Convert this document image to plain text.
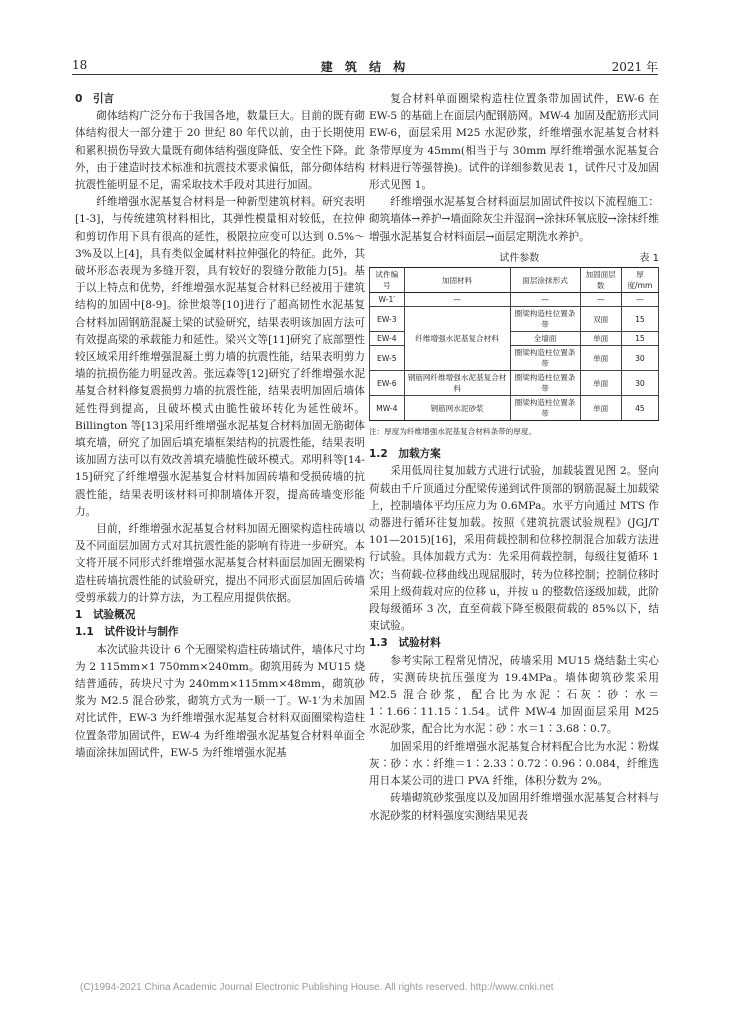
18	建 筑 结 构	2021 年
0　引言

砌体结构广泛分布于我国各地，数量巨大。目前的既有砌体结构很大一部分建于 20 世纪 80 年代以前，由于长期使用和累积损伤导致大量既有砌体结构强度降低、安全性下降。此外，由于建造时技术标准和抗震技术要求偏低，部分砌体结构抗震性能明显不足，需采取技术手段对其进行加固。

纤维增强水泥基复合材料是一种新型建筑材料。研究表明[1-3]，与传统建筑材料相比，其弹性模量相对较低，在拉伸和剪切作用下具有很高的延性，极限拉应变可以达到 0.5%～3%及以上[4]，具有类似金属材料拉伸强化的特征。此外，其破坏形态表现为多缝开裂，具有较好的裂缝分散能力[5]。基于以上特点和优势，纤维增强水泥基复合材料已经被用于建筑结构的加固中[8-9]。徐世烺等[10]进行了超高韧性水泥基复合材料加固钢筋混凝土梁的试验研究，结果表明该加固方法可有效提高梁的承载能力和延性。梁兴文等[11]研究了底部塑性较区域采用纤维增强混凝土剪力墙的抗震性能，结果表明剪力墙的抗损伤能力明显改善。张远森等[12]研究了纤维增强水泥基复合材料修复震损剪力墙的抗震性能，结果表明加固后墙体延性得到提高，且破坏模式由脆性破坏转化为延性破坏。Billington 等[13]采用纤维增强水泥基复合材料加固无筋砌体填充墙，研究了加固后填充墙框架结构的抗震性能，结果表明该加固方法可以有效改善填充墙脆性破坏模式。邓明科等[14-15]研究了纤维增强水泥基复合材料加固砖墙和受损砖墙的抗震性能，结果表明该材料可抑制墙体开裂，提高砖墙变形能力。

目前，纤维增强水泥基复合材料加固无圈梁构造柱砖墙以及不同面层加固方式对其抗震性能的影响有待进一步研究。本文将开展不同形式纤维增强水泥基复合材料面层加固无圈梁构造柱砖墙抗震性能的试验研究，提出不同形式面层加固后砖墙受剪承载力的计算方法，为工程应用提供依据。

1　试验概况
1.1　试件设计与制作

本次试验共设计 6 个无圈梁构造柱砖墙试件，墙体尺寸均为 2 115mm×1 750mm×240mm。砌筑用砖为 MU15 烧结普通砖，砖块尺寸为 240mm×115mm×48mm，砌筑砂浆为 M2.5 混合砂浆，砌筑方式为一顺一丁。W-1′为未加固对比试件，EW-3 为纤维增强水泥基复合材料双面圈梁构造柱位置条带加固试件，EW-4 为纤维增强水泥基复合材料单面全墙面涂抹加固试件，EW-5 为纤维增强水泥基

复合材料单面圈梁构造柱位置条带加固试件，EW-6 在 EW-5 的基础上在面层内配钢筋网。MW-4 加固及配筋形式同 EW-6，面层采用 M25 水泥砂浆，纤维增强水泥基复合材料条带厚度为 45mm(相当于与 30mm 厚纤维增强水泥基复合材料进行等强替换)。试件的详细参数见表 1，试件尺寸及加固形式见图 1。

纤维增强水泥基复合材料面层加固试件按以下流程施工：砌筑墙体→养护→墙面除灰尘并湿润→涂抹环氧底胶→涂抹纤维增强水泥基复合材料面层→面层定期洗水养护。

试件参数	表 1
试件编号	加固材料	面层涂抹形式	加固面层数	厚度/mm
W-1′	—	—	—	—
EW-3	纤维增强水泥基复合材料	圈梁构造柱位置条带	双面	15
EW-4		全墙面	单面	15
EW-5		圈梁构造柱位置条带	单面	30
EW-6	钢筋网纤维增强水泥基复合材料	圈梁构造柱位置条带	单面	30
MW-4	钢筋网水泥砂浆	圈梁构造柱位置条带	单面	45
注：厚度为纤维增强水泥基复合材料条带的厚度。
1.2　加载方案

采用低周往复加载方式进行试验，加载装置见图 2。竖向荷载由千斤顶通过分配梁传递到试件顶部的钢筋混凝土加载梁上，控制墙体平均压应力为 0.6MPa。水平方向通过 MTS 作动器进行循环往复加载。按照《建筑抗震试验规程》(JGJ/T 101—2015)[16]，采用荷载控制和位移控制混合加载方法进行试验。具体加载方式为：先采用荷载控制，每级往复循环 1 次；当荷载-位移曲线出现屈服时，转为位移控制；控制位移时采用上级荷载对应的位移 u，并按 u 的整数倍逐级加载，此阶段每级循环 3 次，直至荷载下降至极限荷载的 85%以下，结束试验。

1.3　试验材料

参考实际工程常见情况，砖墙采用 MU15 烧结黏土实心砖，实测砖块抗压强度为 19.4MPa。墙体砌筑砂浆采用 M2.5 混合砂浆，配合比为水泥∶石灰∶砂∶水＝1∶1.66∶11.15∶1.54。试件 MW-4 加固面层采用 M25 水泥砂浆，配合比为水泥∶砂∶水＝1∶3.68∶0.7。

加固采用的纤维增强水泥基复合材料配合比为水泥∶粉煤灰∶砂∶水∶纤维＝1∶2.33∶0.72∶0.96∶0.084，纤维选用日本某公司的进口 PVA 纤维，体积分数为 2%。

砖墙砌筑砂浆强度以及加固用纤维增强水泥基复合材料与水泥砂浆的材料强度实测结果见表

(C)1994-2021 China Academic Journal Electronic Publishing House. All rights reserved. http://www.cnki.net
